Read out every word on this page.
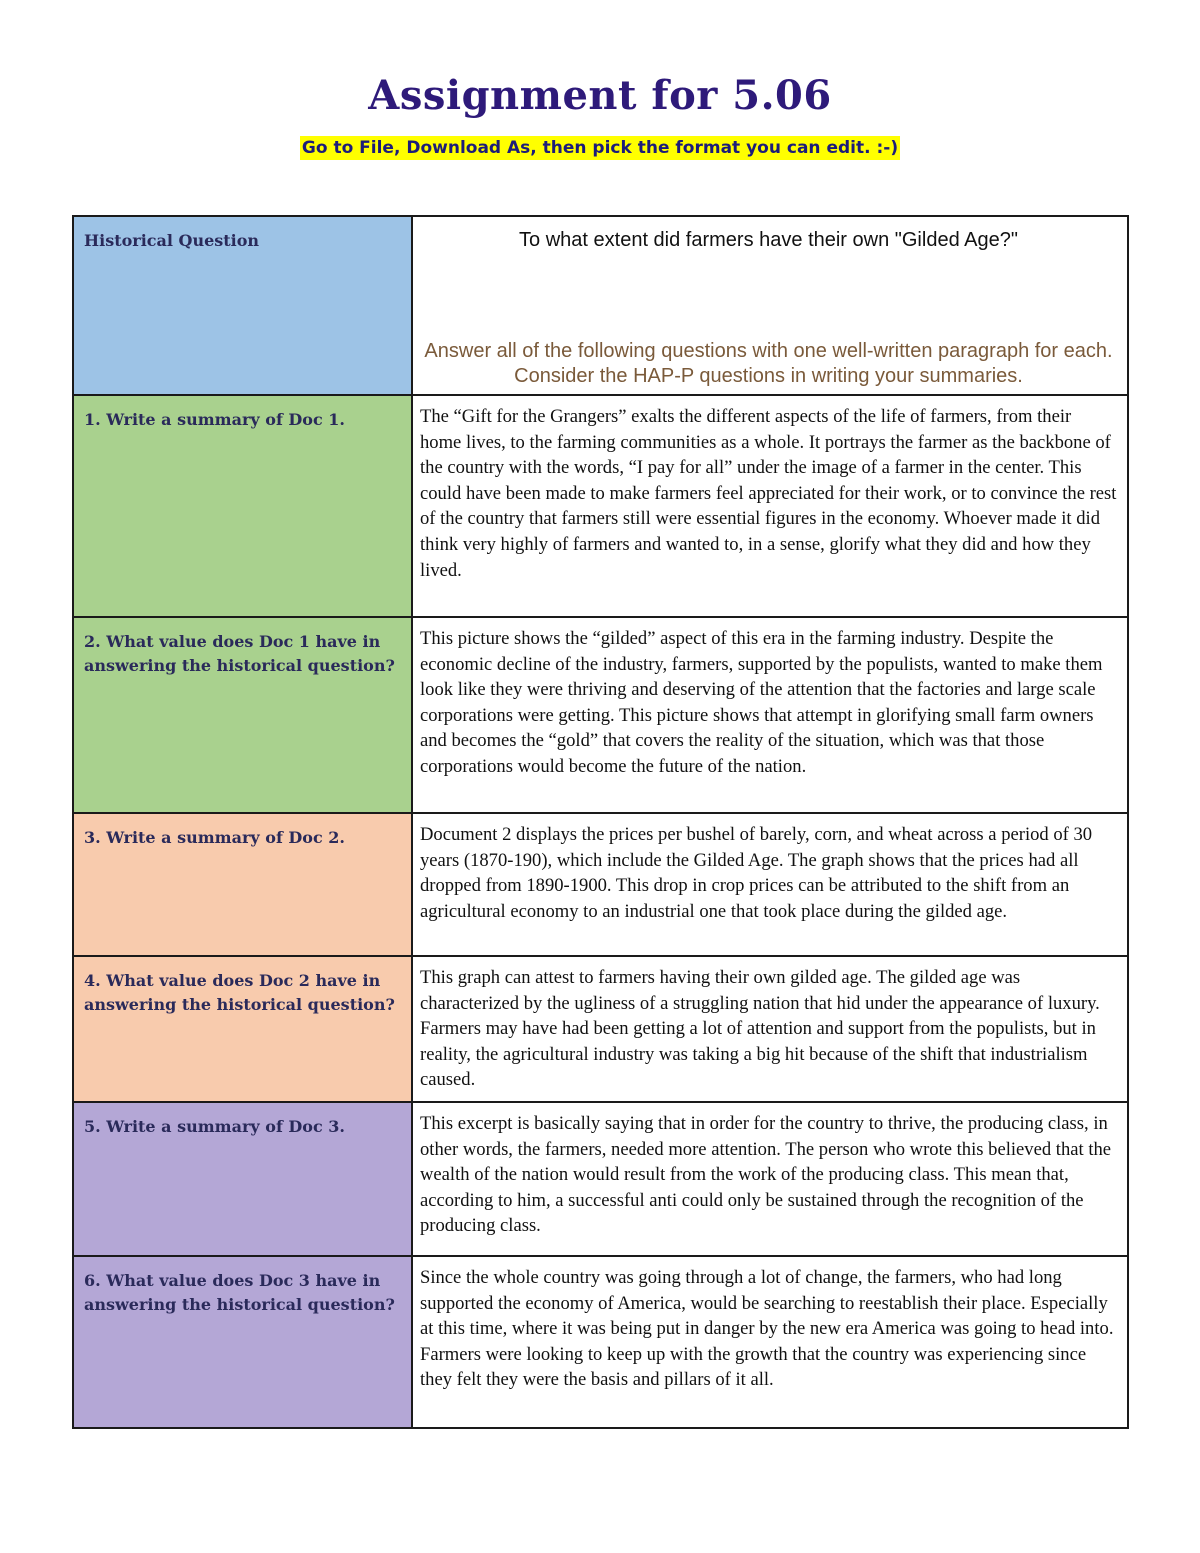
Assignment for 5.06
Go to File, Download As, then pick the format you can edit. :-)
Historical Question	To what extent did farmers have their own "Gilded Age?"
Answer all of the following questions with one well-written paragraph for each. Consider the HAP-P questions in writing your summaries.

1. Write a summary of Doc 1.	The “Gift for the Grangers” exalts the different aspects of the life of farmers, from their home lives, to the farming communities as a whole. It portrays the farmer as the backbone of the country with the words, “I pay for all” under the image of a farmer in the center. This could have been made to make farmers feel appreciated for their work, or to convince the rest of the country that farmers still were essential figures in the economy. Whoever made it did think very highly of farmers and wanted to, in a sense, glorify what they did and how they lived.
2. What value does Doc 1 have in answering the historical question?	This picture shows the “gilded” aspect of this era in the farming industry. Despite the economic decline of the industry, farmers, supported by the populists, wanted to make them look like they were thriving and deserving of the attention that the factories and large scale corporations were getting. This picture shows that attempt in glorifying small farm owners and becomes the “gold” that covers the reality of the situation, which was that those corporations would become the future of the nation.
3. Write a summary of Doc 2.	Document 2 displays the prices per bushel of barely, corn, and wheat across a period of 30 years (1870-190), which include the Gilded Age. The graph shows that the prices had all dropped from 1890-1900. This drop in crop prices can be attributed to the shift from an agricultural economy to an industrial one that took place during the gilded age.
4. What value does Doc 2 have in answering the historical question?	This graph can attest to farmers having their own gilded age. The gilded age was characterized by the ugliness of a struggling nation that hid under the appearance of luxury. Farmers may have had been getting a lot of attention and support from the populists, but in reality, the agricultural industry was taking a big hit because of the shift that industrialism caused.
5. Write a summary of Doc 3.	This excerpt is basically saying that in order for the country to thrive, the producing class, in other words, the farmers, needed more attention. The person who wrote this believed that the wealth of the nation would result from the work of the producing class. This mean that, according to him, a successful anti could only be sustained through the recognition of the producing class.
6. What value does Doc 3 have in answering the historical question?	Since the whole country was going through a lot of change, the farmers, who had long supported the economy of America, would be searching to reestablish their place. Especially at this time, where it was being put in danger by the new era America was going to head into. Farmers were looking to keep up with the growth that the country was experiencing since they felt they were the basis and pillars of it all.
